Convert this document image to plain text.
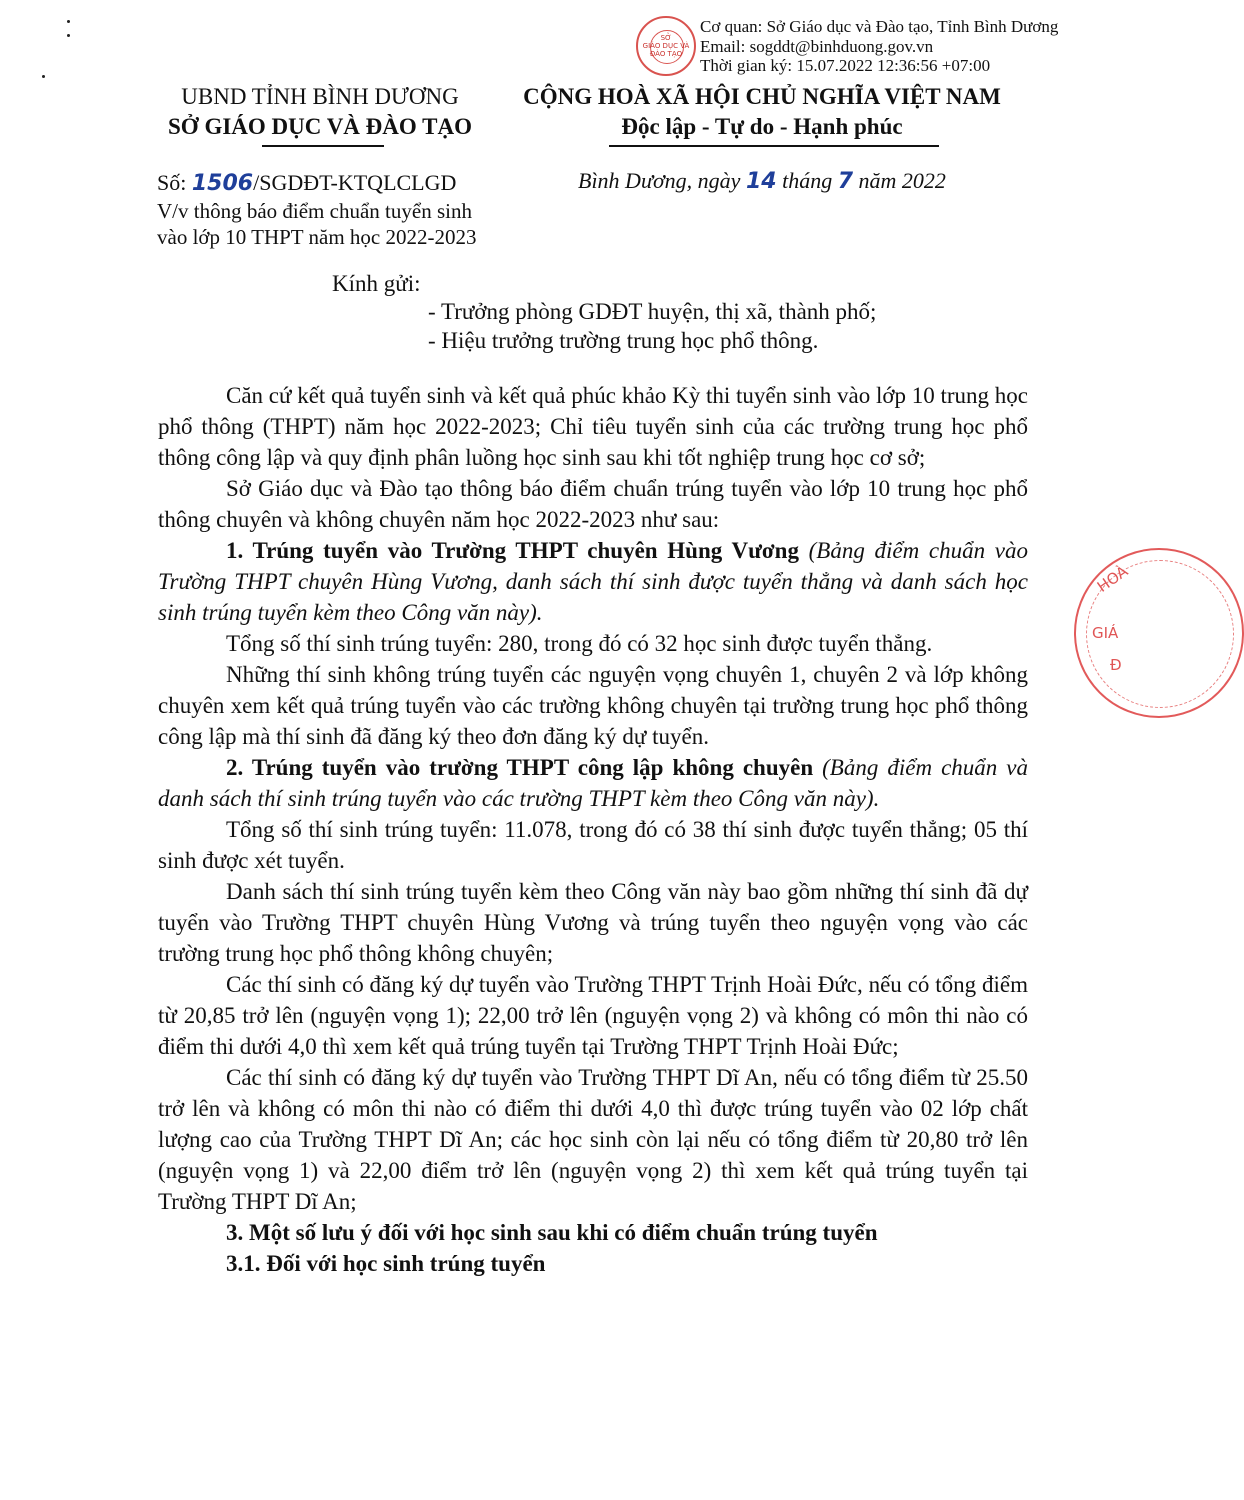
SỞ
GIÁO DỤC VÀ
ĐÀO TẠO
Cơ quan: Sở Giáo dục và Đào tạo, Tỉnh Bình Dương
Email: sogddt@binhduong.gov.vn
Thời gian ký: 15.07.2022 12:36:56 +07:00
UBND TỈNH BÌNH DƯƠNG
SỞ GIÁO DỤC VÀ ĐÀO TẠO
CỘNG HOÀ XÃ HỘI CHỦ NGHĨA VIỆT NAM
Độc lập - Tự do - Hạnh phúc
Số: 1506/SGDĐT-KTQLCLGD
V/v thông báo điểm chuẩn tuyển sinh
vào lớp 10 THPT năm học 2022-2023
Bình Dương, ngày 14 tháng 7 năm 2022
Kính gửi:
- Trưởng phòng GDĐT huyện, thị xã, thành phố;
- Hiệu trưởng trường trung học phổ thông.

Căn cứ kết quả tuyển sinh và kết quả phúc khảo Kỳ thi tuyển sinh vào lớp 10 trung học phổ thông (THPT) năm học 2022-2023; Chỉ tiêu tuyển sinh của các trường trung học phổ thông công lập và quy định phân luồng học sinh sau khi tốt nghiệp trung học cơ sở;

Sở Giáo dục và Đào tạo thông báo điểm chuẩn trúng tuyển vào lớp 10 trung học phổ thông chuyên và không chuyên năm học 2022-2023 như sau:

1. Trúng tuyển vào Trường THPT chuyên Hùng Vương (Bảng điểm chuẩn vào Trường THPT chuyên Hùng Vương, danh sách thí sinh được tuyển thẳng và danh sách học sinh trúng tuyển kèm theo Công văn này).

Tổng số thí sinh trúng tuyển: 280, trong đó có 32 học sinh được tuyển thẳng.

Những thí sinh không trúng tuyển các nguyện vọng chuyên 1, chuyên 2 và lớp không chuyên xem kết quả trúng tuyển vào các trường không chuyên tại trường trung học phổ thông công lập mà thí sinh đã đăng ký theo đơn đăng ký dự tuyển.

2. Trúng tuyển vào trường THPT công lập không chuyên (Bảng điểm chuẩn và danh sách thí sinh trúng tuyển vào các trường THPT kèm theo Công văn này).

Tổng số thí sinh trúng tuyển: 11.078, trong đó có 38 thí sinh được tuyển thẳng; 05 thí sinh được xét tuyển.

Danh sách thí sinh trúng tuyển kèm theo Công văn này bao gồm những thí sinh đã dự tuyển vào Trường THPT chuyên Hùng Vương và trúng tuyển theo nguyện vọng vào các trường trung học phổ thông không chuyên;

Các thí sinh có đăng ký dự tuyển vào Trường THPT Trịnh Hoài Đức, nếu có tổng điểm từ 20,85 trở lên (nguyện vọng 1); 22,00 trở lên (nguyện vọng 2) và không có môn thi nào có điểm thi dưới 4,0 thì xem kết quả trúng tuyển tại Trường THPT Trịnh Hoài Đức;

Các thí sinh có đăng ký dự tuyển vào Trường THPT Dĩ An, nếu có tổng điểm từ 25.50 trở lên và không có môn thi nào có điểm thi dưới 4,0 thì được trúng tuyển vào 02 lớp chất lượng cao của Trường THPT Dĩ An; các học sinh còn lại nếu có tổng điểm từ 20,80 trở lên (nguyện vọng 1) và 22,00 điểm trở lên (nguyện vọng 2) thì xem kết quả trúng tuyển tại Trường THPT Dĩ An;

3. Một số lưu ý đối với học sinh sau khi có điểm chuẩn trúng tuyển

3.1. Đối với học sinh trúng tuyển

HOÀ
GIÁ
Đ
